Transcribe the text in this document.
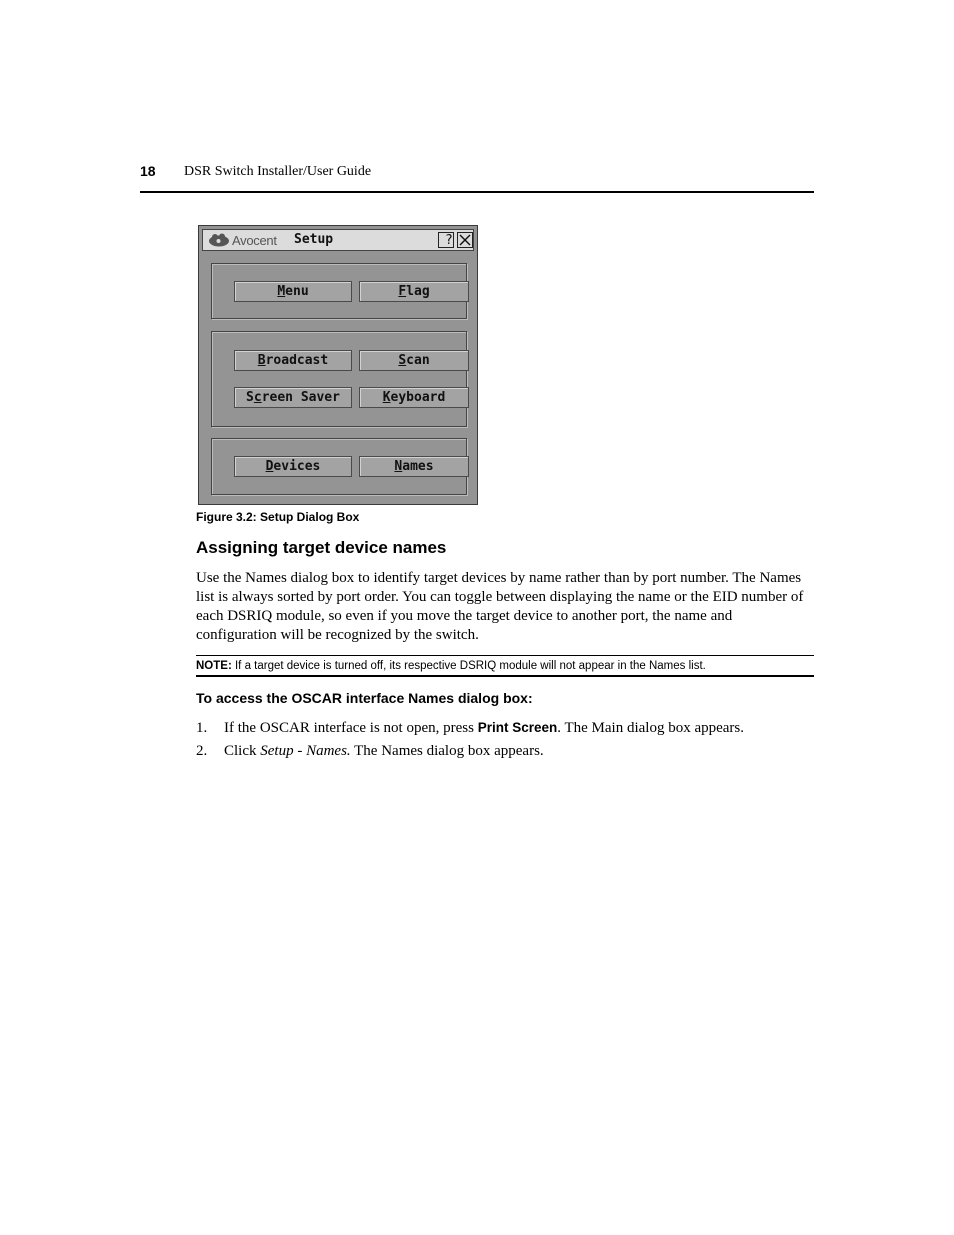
18 DSR Switch Installer/User Guide
Avocent Setup	?
Menu	Flag
Broadcast	Scan
Screen Saver	Keyboard
Devices	Names
Figure 3.2: Setup Dialog Box
Assigning target device names

Use the Names dialog box to identify target devices by name rather than by port number. The Names list is always sorted by port order. You can toggle between displaying the name or the EID number of each DSRIQ module, so even if you move the target device to another port, the name and configuration will be recognized by the switch.

NOTE: If a target device is turned off, its respective DSRIQ module will not appear in the Names list.
To access the OSCAR interface Names dialog box:
1. If the OSCAR interface is not open, press Print Screen. The Main dialog box appears.
2. Click Setup - Names. The Names dialog box appears.
